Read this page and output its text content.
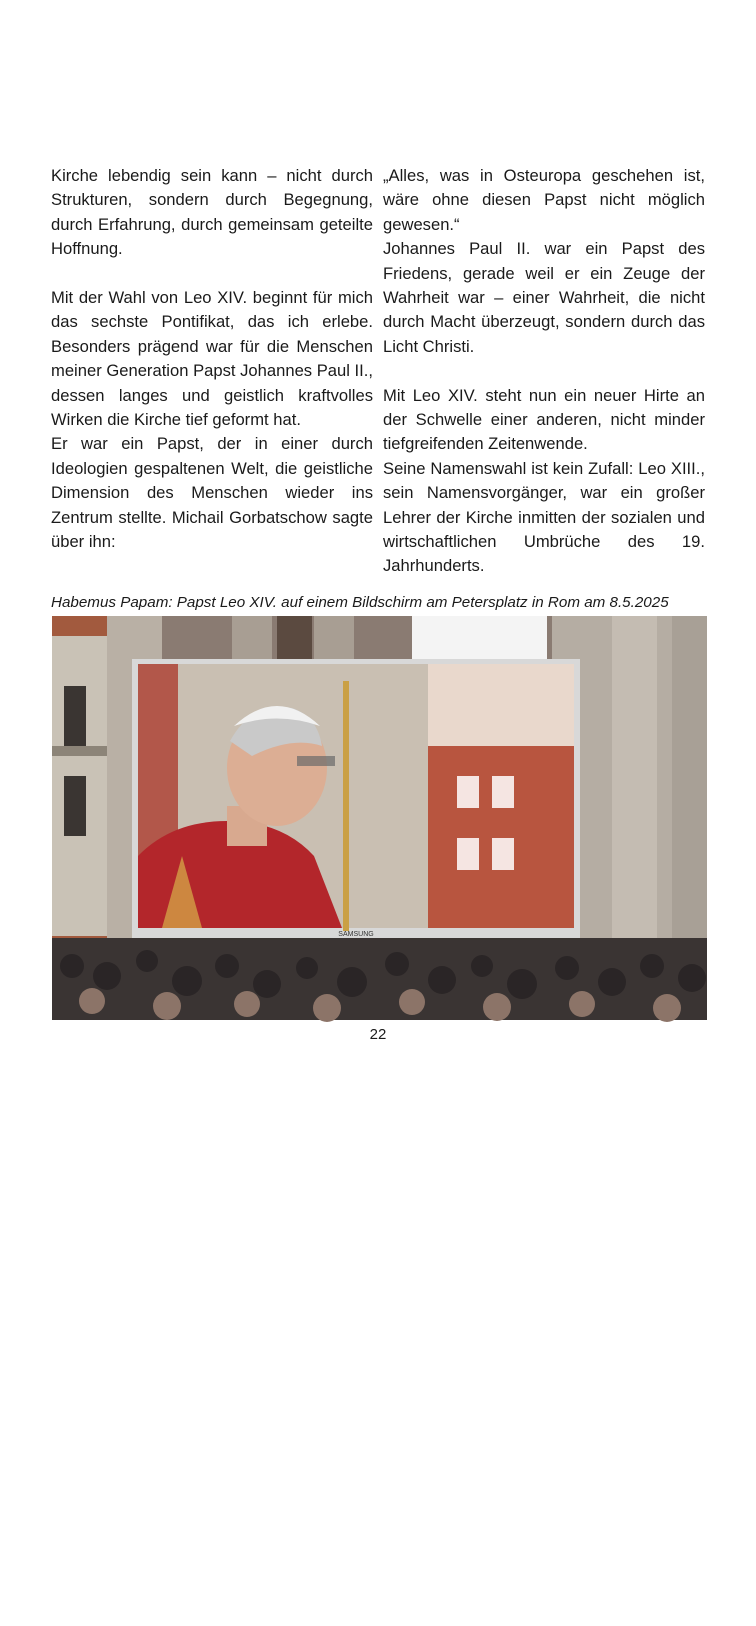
Kirche lebendig sein kann – nicht durch Strukturen, sondern durch Begegnung, durch Erfahrung, durch gemeinsam geteilte Hoffnung.

Mit der Wahl von Leo XIV. beginnt für mich das sechste Pontifikat, das ich erlebe. Besonders prägend war für die Menschen meiner Generation Papst Johannes Paul II., dessen langes und geistlich kraftvolles Wirken die Kirche tief geformt hat.

Er war ein Papst, der in einer durch Ideologien gespaltenen Welt, die geistliche Dimension des Menschen wieder ins Zentrum stellte. Michail Gorbatschow sagte über ihn:

„Alles, was in Osteuropa geschehen ist, wäre ohne diesen Papst nicht möglich gewesen.“

Johannes Paul II. war ein Papst des Friedens, gerade weil er ein Zeuge der Wahrheit war – einer Wahrheit, die nicht durch Macht überzeugt, sondern durch das Licht Christi.

Mit Leo XIV. steht nun ein neuer Hirte an der Schwelle einer anderen, nicht minder tiefgreifenden Zeitenwende.

Seine Namenswahl ist kein Zufall: Leo XIII., sein Namensvorgänger, war ein großer Lehrer der Kirche inmitten der sozialen und wirtschaftlichen Umbrüche des 19. Jahrhunderts.

Habemus Papam: Papst Leo XIV. auf einem Bildschirm am Petersplatz in Rom am 8.5.2025
SAMSUNG
Bild: Markus Hauck, POW / Bistum Würzburg / CC-BY-ND In: Pfarrbriefservice.de
22
